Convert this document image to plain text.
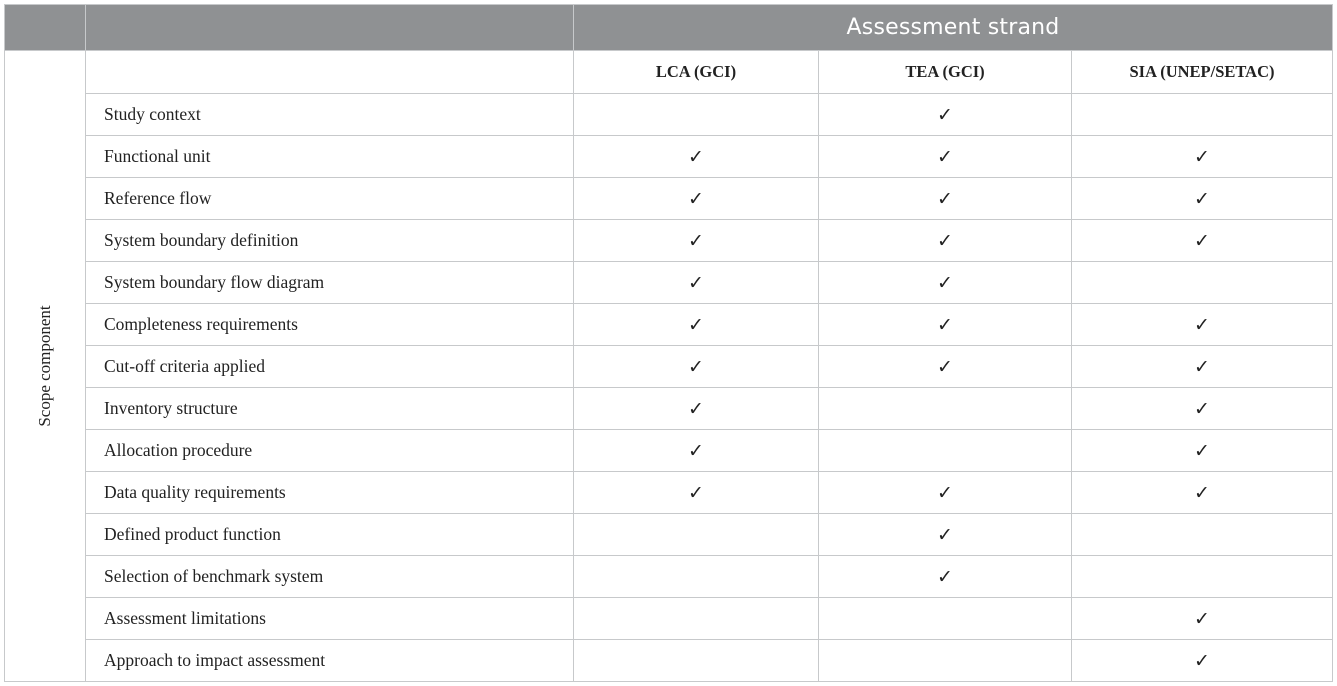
		Assessment strand		

Scope component		LCA (GCI)	TEA (GCI)	SIA (UNEP/SETAC)
	Study context		✓	
	Functional unit	✓	✓	✓
	Reference flow	✓	✓	✓
	System boundary definition	✓	✓	✓
	System boundary flow diagram	✓	✓	
	Completeness requirements	✓	✓	✓
	Cut-off criteria applied	✓	✓	✓
	Inventory structure	✓		✓
	Allocation procedure	✓		✓
	Data quality requirements	✓	✓	✓
	Defined product function		✓	
	Selection of benchmark system		✓	
	Assessment limitations			✓
	Approach to impact assessment			✓
